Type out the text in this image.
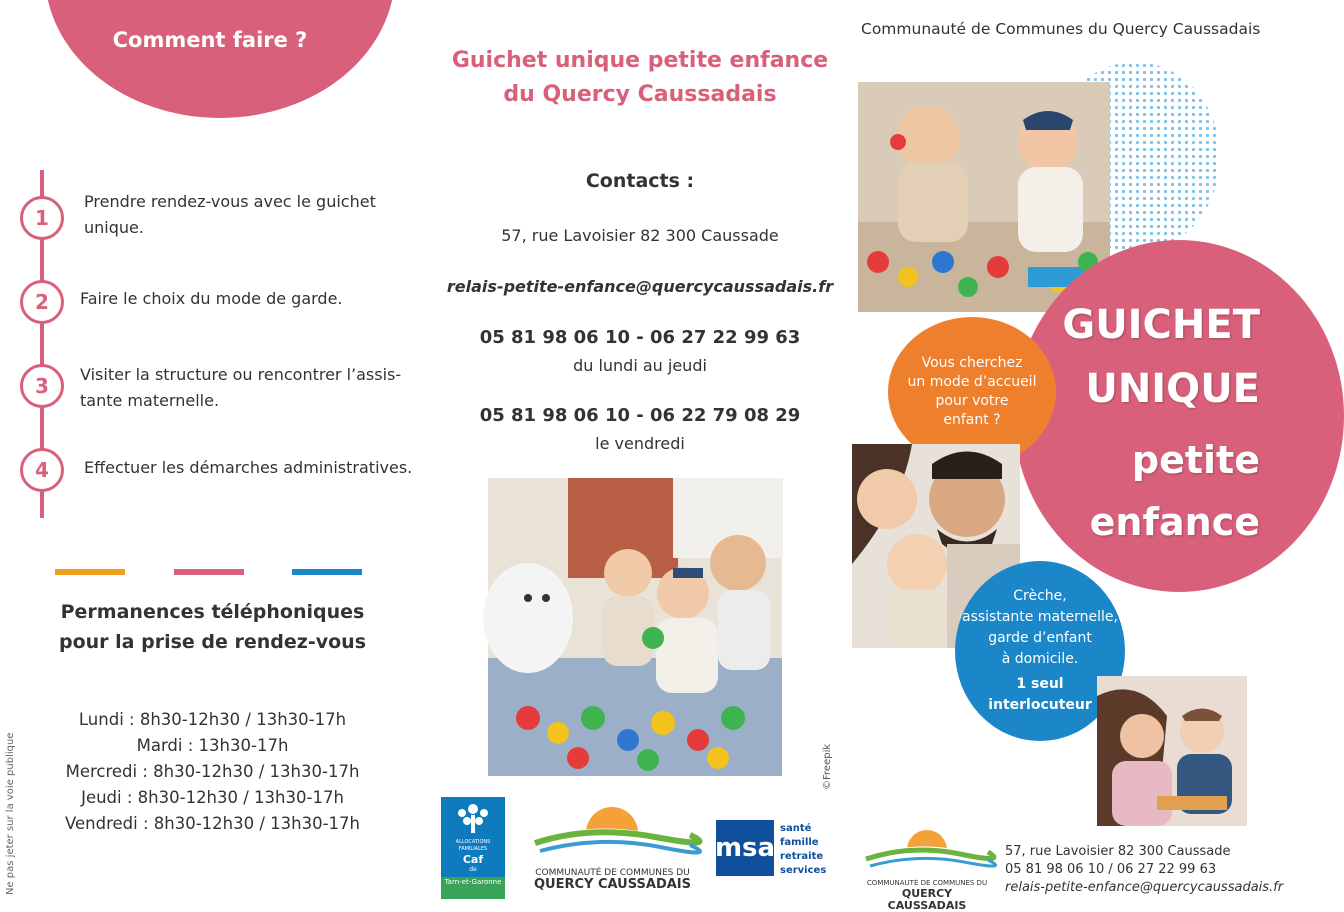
Comment faire ?
1
Prendre rendez-vous avec le guichet unique.
2	Faire le choix du mode de garde.
3	Visiter la structure ou rencontrer l’assis-tante maternelle.
4	Effectuer les démarches administratives.
Permanences téléphoniques pour la prise de rendez-vous
Lundi : 8h30-12h30 / 13h30-17h
Mardi : 13h30-17h
Mercredi : 8h30-12h30 / 13h30-17h
Jeudi : 8h30-12h30 / 13h30-17h
Vendredi : 8h30-12h30 / 13h30-17h
Ne pas jeter sur la voie publique
Guichet unique petite enfance
du Quercy Caussadais
Contacts :
57, rue Lavoisier 82 300 Caussade
relais-petite-enfance@quercycaussadais.fr
05 81 98 06 10 - 06 27 22 99 63
du lundi au jeudi
05 81 98 06 10 - 06 22 79 08 29
le vendredi
©Freepik
ALLOCATIONS FAMILIALES
Caf
de
Tarn-et-Garonne
COMMUNAUTÉ DE COMMUNES DU
QUERCY CAUSSADAIS
msa
santé
famille
retraite
services
Communauté de Communes du Quercy Caussadais
GUICHET
UNIQUE
petite
enfance
Vous cherchez
un mode d’accueil
pour votre
enfant ?
Crèche,
assistante maternelle,
garde d’enfant
à domicile.
1 seul
interlocuteur
COMMUNAUTÉ DE COMMUNES DU
QUERCY CAUSSADAIS
57, rue Lavoisier 82 300 Caussade
05 81 98 06 10 / 06 27 22 99 63
relais-petite-enfance@quercycaussadais.fr
